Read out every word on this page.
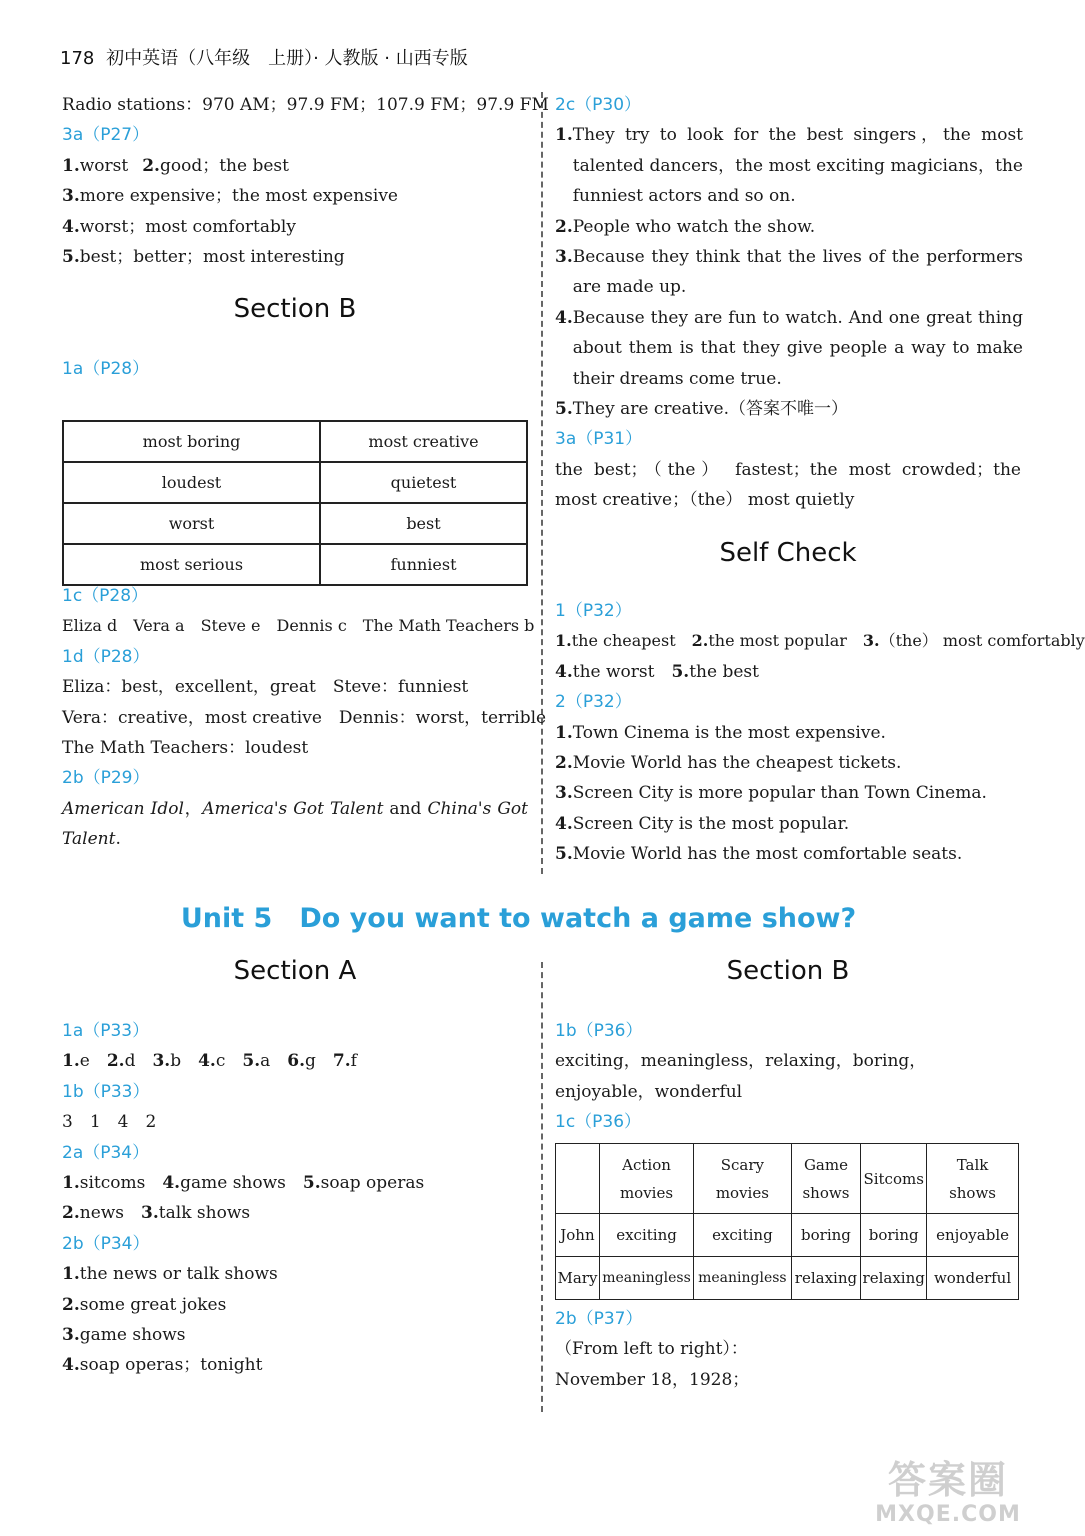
178 初中英语（八年级　上册）· 人教版 · 山西专版
Radio stations：970 AM；97.9 FM；107.9 FM；97.9 FM
3a（P27）
1.worst 2.good；the best
3.more expensive；the most expensive
4.worst；most comfortably
5.best；better；most interesting
Section B
1a（P28）
most boring	most creative
loudest	quietest
worst	best
most serious	funniest
1c（P28）
Eliza d　Vera a　Steve e　Dennis c　The Math Teachers b
1d（P28）
Eliza：best，excellent，great　Steve：funniest
Vera：creative，most creative　Dennis：worst，terrible
The Math Teachers：loudest
2b（P29）
American Idol，America's Got Talent and China's Got Talent.
2c（P30）
1. They try to look for the best singers，the most talented dancers，the most exciting magicians，the funniest actors and so on.
2. People who watch the show.
3. Because they think that the lives of the performers are made up.
4. Because they are fun to watch. And one great thing about them is that they give people a way to make their dreams come true.
5. They are creative.（答案不唯一）
3a（P31）
the best；（the） fastest；the most crowded；the most creative；（the） most quietly
Self Check
1（P32）
1.the cheapest　2.the most popular　3.（the） most comfortably
4.the worst　5.the best
2（P32）
1.Town Cinema is the most expensive.
2.Movie World has the cheapest tickets.
3.Screen City is more popular than Town Cinema.
4.Screen City is the most popular.
5.Movie World has the most comfortable seats.
Unit 5　Do you want to watch a game show?
Section A
1a（P33）
1.e　2.d　3.b　4.c　5.a　6.g　7.f
1b（P33）
3　1　4　2
2a（P34）
1.sitcoms　4.game shows　5.soap operas
2.news　3.talk shows
2b（P34）
1.the news or talk shows
2.some great jokes
3.game shows
4.soap operas；tonight
Section B
1b（P36）
exciting，meaningless，relaxing，boring，enjoyable，wonderful
1c（P36）
	Action movies	Scary movies	Game shows	Sitcoms	Talk shows
John	exciting	exciting	boring	boring	enjoyable
Mary	meaningless	meaningless	relaxing	relaxing	wonderful
2b（P37）
（From left to right）：
November 18，1928；
答案圈
MXQE.COM
